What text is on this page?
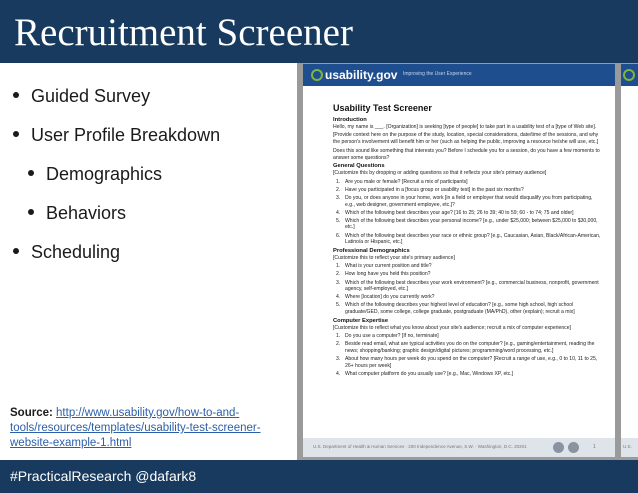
Recruitment Screener
Guided Survey
User Profile Breakdown
Demographics
Behaviors
Scheduling
Source: http://www.usability.gov/how-to-and-tools/resources/templates/usability-test-screener-website-example-1.html
usability.gov Improving the User Experience
Usability Test Screener
Introduction
Hello, my name is ___. [Organization] is seeking [type of people] to take part in a usability test of a [type of Web site].
[Provide context here on the purpose of the study, location, special considerations, date/time of the sessions, and why the person's involvement will benefit him or her (such as helping the public, improving a resource he/she will use, etc.]
Does this sound like something that interests you? Before I schedule you for a session, do you have a few moments to answer some questions?
General Questions
[Customize this by dropping or adding questions so that it reflects your site's primary audience]
1. Are you male or female? [Recruit a mix of participants]
2. Have you participated in a [focus group or usability test] in the past six months?
3. Do you, or does anyone in your home, work [in a field or employer that would disqualify you from participating, e.g., web designer, government employee, etc.]?
4. Which of the following best describes your age? [16 to 25; 26 to 39; 40 to 59; 60 - to 74; 75 and older]
5. Which of the following best describes your personal income? [e.g., under $25,000; between $25,000 to $30,000, etc.]
6. Which of the following best describes your race or ethnic group? [e.g., Caucasian, Asian, Black/African-American, Latino/a or Hispanic, etc.]
Professional Demographics
[Customize this to reflect your site's primary audience]
1. What is your current position and title?
2. How long have you held this position?
3. Which of the following best describes your work environment? [e.g., commercial business, nonprofit, government agency, self-employed, etc.]
4. Where [location] do you currently work?
5. Which of the following describes your highest level of education? [e.g., some high school, high school graduate/GED, some college, college graduate, postgraduate (MA/PhD), other (explain); recruit a mix]
Computer Expertise
[Customize this to reflect what you know about your site's audience; recruit a mix of computer experience]
1. Do you use a computer? [If no, terminate]
2. Beside read email, what are typical activities you do on the computer? [e.g., gaming/entertainment, reading the news; shopping/banking; graphic design/digital pictures; programming/word processing, etc.]
3. About how many hours per week do you spend on the computer? [Recruit a range of use, e.g., 0 to 10, 11 to 25, 26+ hours per week]
4. What computer platform do you usually use? [e.g., Mac, Windows XP, etc.]
U.S. Department of Health & Human Services · 200 Independence Avenue, S.W. · Washington, D.C. 20201	1	U.S.
#PracticalResearch @dafark8
